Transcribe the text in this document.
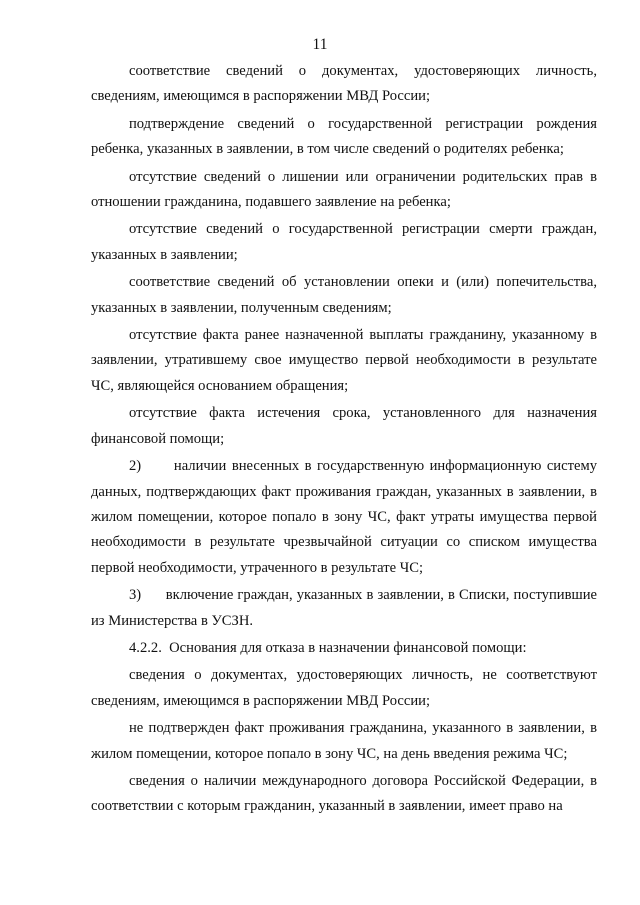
11

соответствие сведений о документах, удостоверяющих личность, сведениям, имеющимся в распоряжении МВД России;

подтверждение сведений о государственной регистрации рождения ребенка, указанных в заявлении, в том числе сведений о родителях ребенка;

отсутствие сведений о лишении или ограничении родительских прав в отношении гражданина, подавшего заявление на ребенка;

отсутствие сведений о государственной регистрации смерти граждан, указанных в заявлении;

соответствие сведений об установлении опеки и (или) попечительства, указанных в заявлении, полученным сведениям;

отсутствие факта ранее назначенной выплаты гражданину, указанному в заявлении, утратившему свое имущество первой необходимости в результате ЧС, являющейся основанием обращения;

отсутствие факта истечения срока, установленного для назначения финансовой помощи;

2)      наличии внесенных в государственную информационную систему данных, подтверждающих факт проживания граждан, указанных в заявлении, в жилом помещении, которое попало в зону ЧС, факт утраты имущества первой необходимости в результате чрезвычайной ситуации со списком имущества первой необходимости, утраченного в результате ЧС;

3)      включение граждан, указанных в заявлении, в Списки, поступившие из Министерства в УСЗН.

4.2.2.  Основания для отказа в назначении финансовой помощи:

сведения о документах, удостоверяющих личность, не соответствуют сведениям, имеющимся в распоряжении МВД России;

не подтвержден факт проживания гражданина, указанного в заявлении, в жилом помещении, которое попало в зону ЧС, на день введения режима ЧС;

сведения о наличии международного договора Российской Федерации, в соответствии с которым гражданин, указанный в заявлении, имеет право на
